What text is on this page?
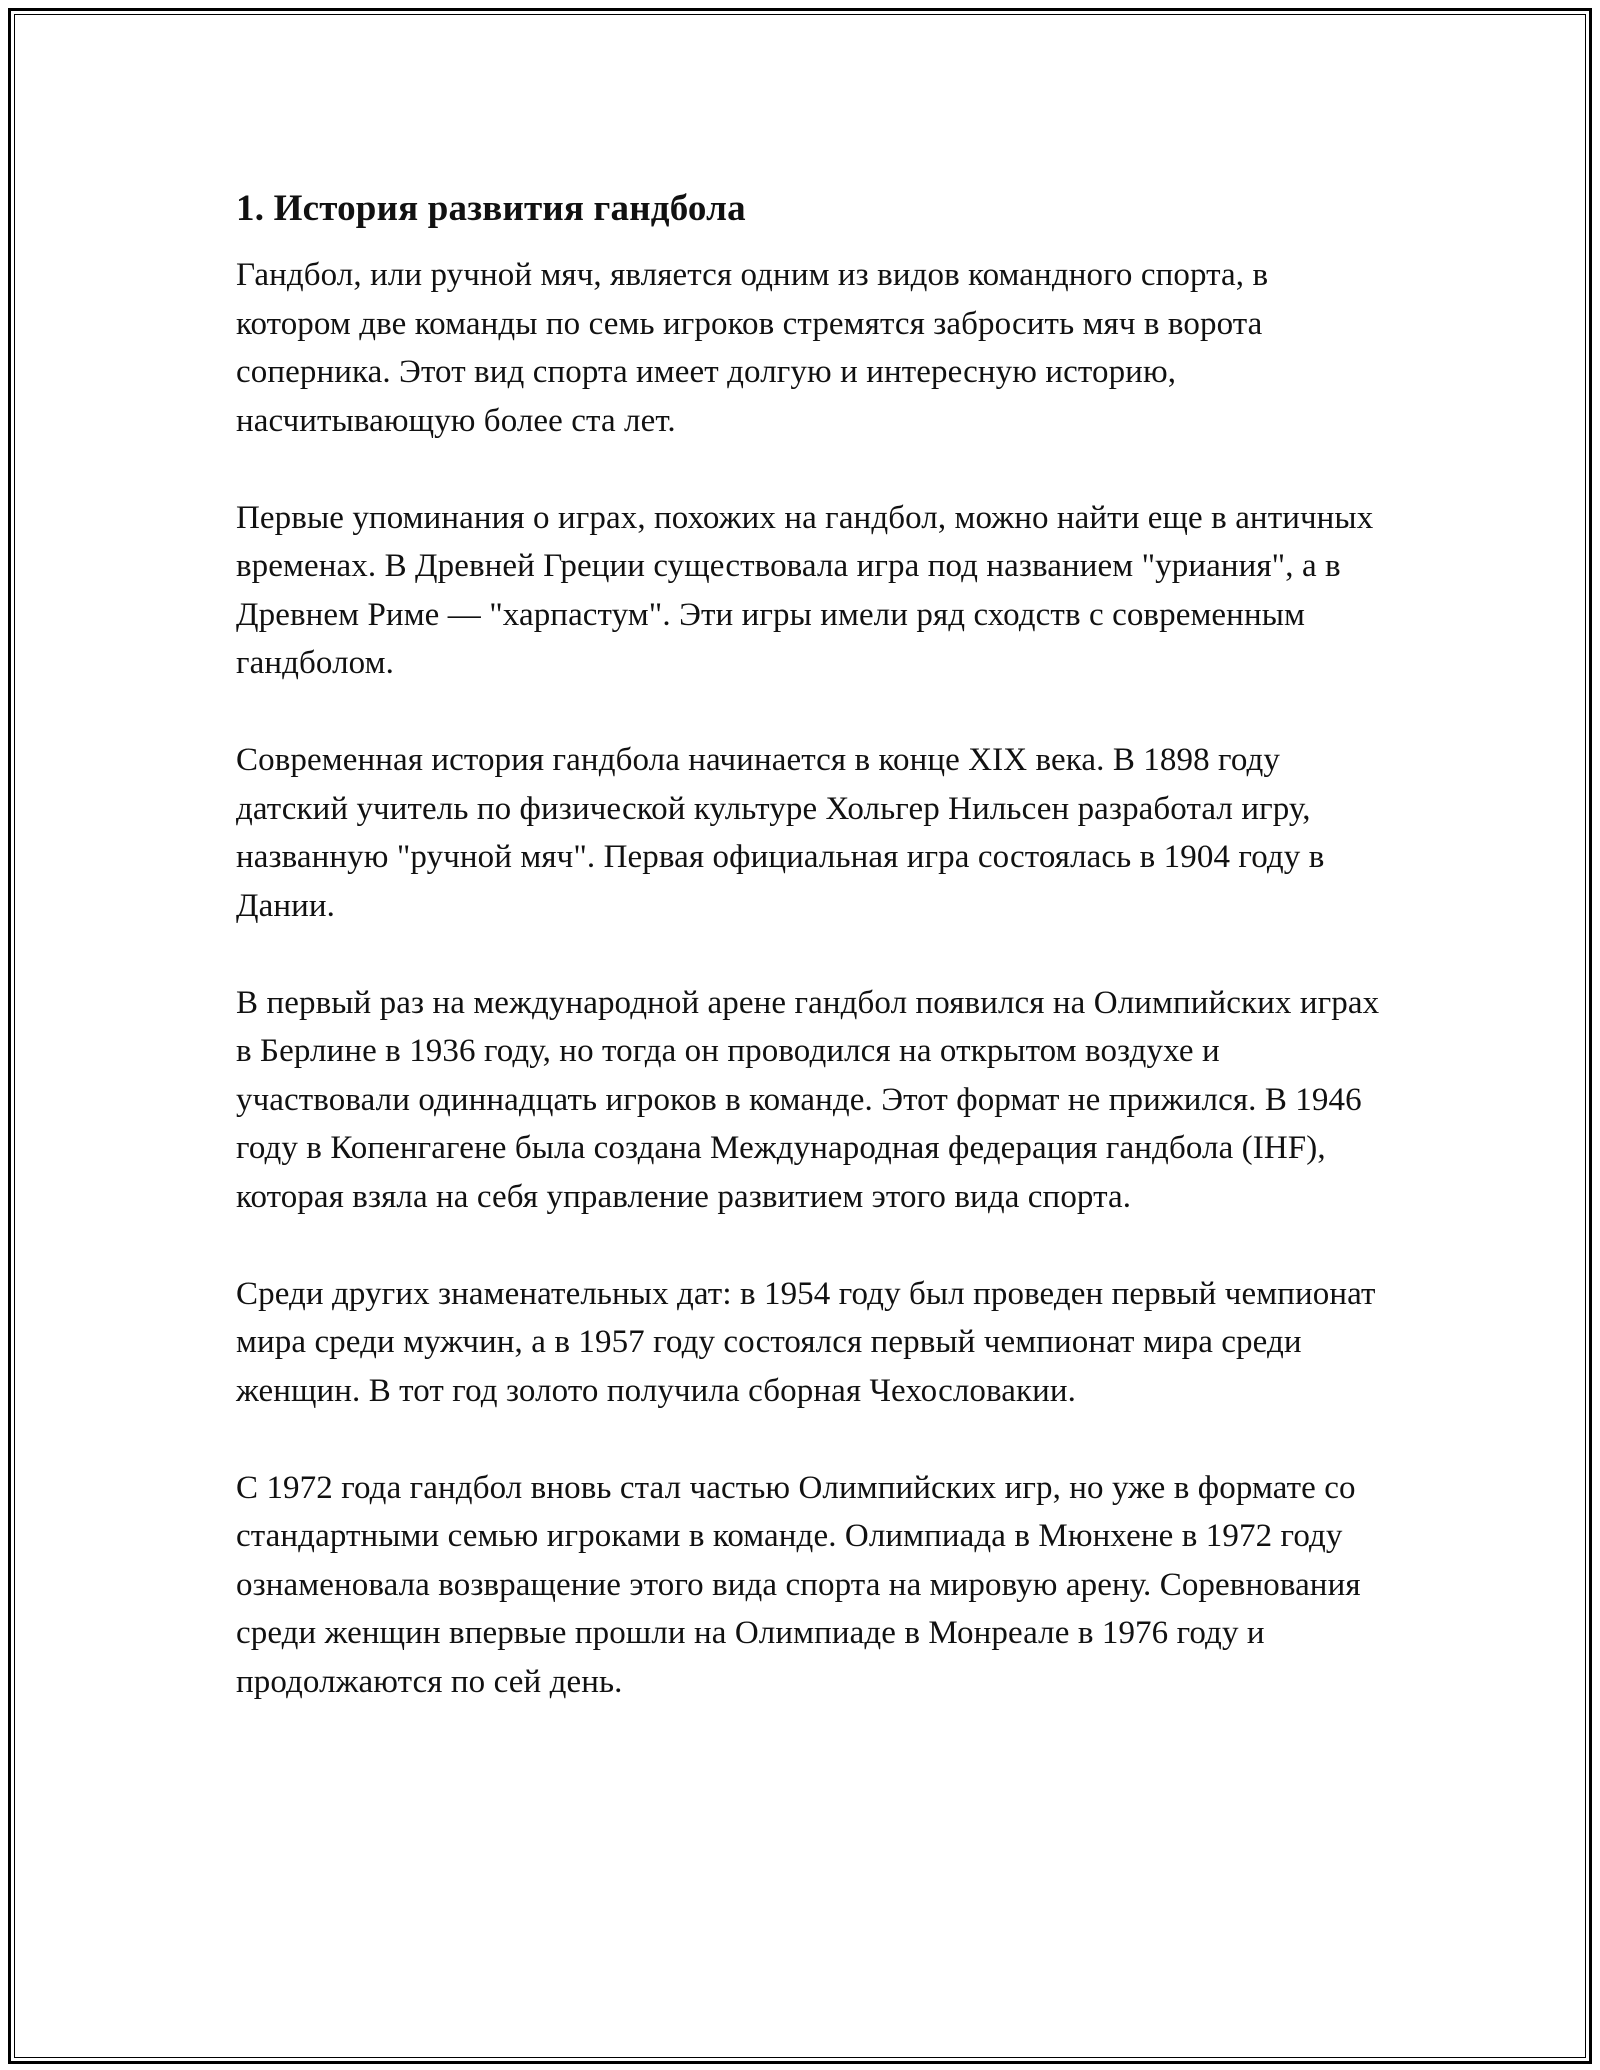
1. История развития гандбола

Гандбол, или ручной мяч, является одним из видов командного спорта, в котором две команды по семь игроков стремятся забросить мяч в ворота соперника. Этот вид спорта имеет долгую и интересную историю, насчитывающую более ста лет.

Первые упоминания о играх, похожих на гандбол, можно найти еще в античных временах. В Древней Греции существовала игра под названием "уриания", а в Древнем Риме — "харпастум". Эти игры имели ряд сходств с современным гандболом.

Современная история гандбола начинается в конце XIX века. В 1898 году датский учитель по физической культуре Хольгер Нильсен разработал игру, названную "ручной мяч". Первая официальная игра состоялась в 1904 году в Дании.

В первый раз на международной арене гандбол появился на Олимпийских играх в Берлине в 1936 году, но тогда он проводился на открытом воздухе и участвовали одиннадцать игроков в команде. Этот формат не прижился. В 1946 году в Копенгагене была создана Международная федерация гандбола (IHF), которая взяла на себя управление развитием этого вида спорта.

Среди других знаменательных дат: в 1954 году был проведен первый чемпионат мира среди мужчин, а в 1957 году состоялся первый чемпионат мира среди женщин. В тот год золото получила сборная Чехословакии.

С 1972 года гандбол вновь стал частью Олимпийских игр, но уже в формате со стандартными семью игроками в команде. Олимпиада в Мюнхене в 1972 году ознаменовала возвращение этого вида спорта на мировую арену. Соревнования среди женщин впервые прошли на Олимпиаде в Монреале в 1976 году и продолжаются по сей день.
